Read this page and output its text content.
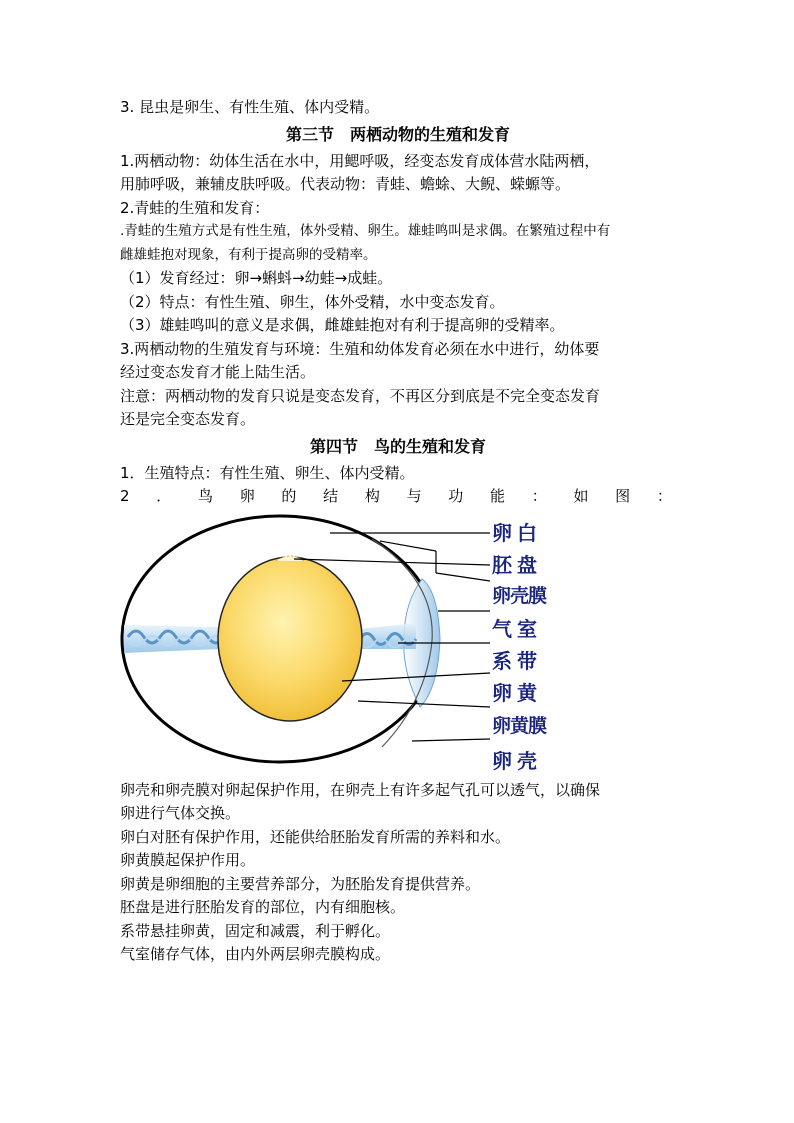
3. 昆虫是卵生、有性生殖、体内受精。
第三节　两栖动物的生殖和发育
1.两栖动物：幼体生活在水中，用鳃呼吸，经变态发育成体营水陆两栖，
用肺呼吸，兼辅皮肤呼吸。代表动物：青蛙、蟾蜍、大鲵、蝾螈等。
2.青蛙的生殖和发育：
.青蛙的生殖方式是有性生殖，体外受精、卵生。雄蛙鸣叫是求偶。在繁殖过程中有
雌雄蛙抱对现象，有利于提高卵的受精率。
（1）发育经过：卵→蝌蚪→幼蛙→成蛙。
（2）特点：有性生殖、卵生，体外受精，水中变态发育。
（3）雄蛙鸣叫的意义是求偶，雌雄蛙抱对有利于提高卵的受精率。
3.两栖动物的生殖发育与环境：生殖和幼体发育必须在水中进行，幼体要
经过变态发育才能上陆生活。
注意：两栖动物的发育只说是变态发育，不再区分到底是不完全变态发育
还是完全变态发育。
第四节　鸟的生殖和发育
1．生殖特点：有性生殖、卵生、体内受精。
2 ． 鸟 卵 的 结 构 与 功 能 ： 如 图 ：
卵白
胚盘
卵壳膜
气室
系带
卵黄
卵黄膜
卵壳
卵壳和卵壳膜对卵起保护作用，在卵壳上有许多起气孔可以透气，以确保
卵进行气体交换。
卵白对胚有保护作用，还能供给胚胎发育所需的养料和水。
卵黄膜起保护作用。
卵黄是卵细胞的主要营养部分，为胚胎发育提供营养。
胚盘是进行胚胎发育的部位，内有细胞核。
系带悬挂卵黄，固定和减震，利于孵化。
气室储存气体，由内外两层卵壳膜构成。
